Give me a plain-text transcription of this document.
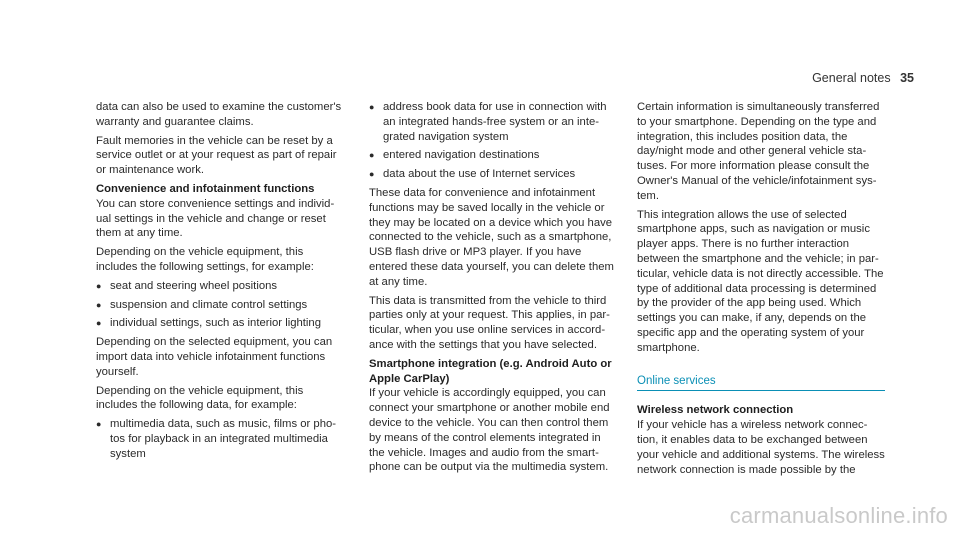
General notes 35

data can also be used to examine the customer's warranty and guarantee claims.

Fault memories in the vehicle can be reset by a service outlet or at your request as part of repair or maintenance work.

Convenience and infotainment functions

You can store convenience settings and individual settings in the vehicle and change or reset them at any time.

Depending on the vehicle equipment, this includes the following settings, for example:

● seat and steering wheel positions
● suspension and climate control settings
● individual settings, such as interior lighting

Depending on the selected equipment, you can import data into vehicle infotainment functions yourself.

Depending on the vehicle equipment, this includes the following data, for example:

● multimedia data, such as music, films or photos for playback in an integrated multimedia system
● address book data for use in connection with an integrated hands-free system or an integrated navigation system
● entered navigation destinations
● data about the use of Internet services

These data for convenience and infotainment functions may be saved locally in the vehicle or they may be located on a device which you have connected to the vehicle, such as a smartphone, USB flash drive or MP3 player. If you have entered these data yourself, you can delete them at any time.

This data is transmitted from the vehicle to third parties only at your request. This applies, in particular, when you use online services in accordance with the settings that you have selected.

Smartphone integration (e.g. Android Auto or Apple CarPlay)

If your vehicle is accordingly equipped, you can connect your smartphone or another mobile end device to the vehicle. You can then control them by means of the control elements integrated in the vehicle. Images and audio from the smartphone can be output via the multimedia system.

Certain information is simultaneously transferred to your smartphone. Depending on the type and integration, this includes position data, the day/night mode and other general vehicle statuses. For more information please consult the Owner's Manual of the vehicle/infotainment system.

This integration allows the use of selected smartphone apps, such as navigation or music player apps. There is no further interaction between the smartphone and the vehicle; in particular, vehicle data is not directly accessible. The type of additional data processing is determined by the provider of the app being used. Which settings you can make, if any, depends on the specific app and the operating system of your smartphone.

Online services
Wireless network connection

If your vehicle has a wireless network connection, it enables data to be exchanged between your vehicle and additional systems. The wireless network connection is made possible by the

carmanualsonline.info
